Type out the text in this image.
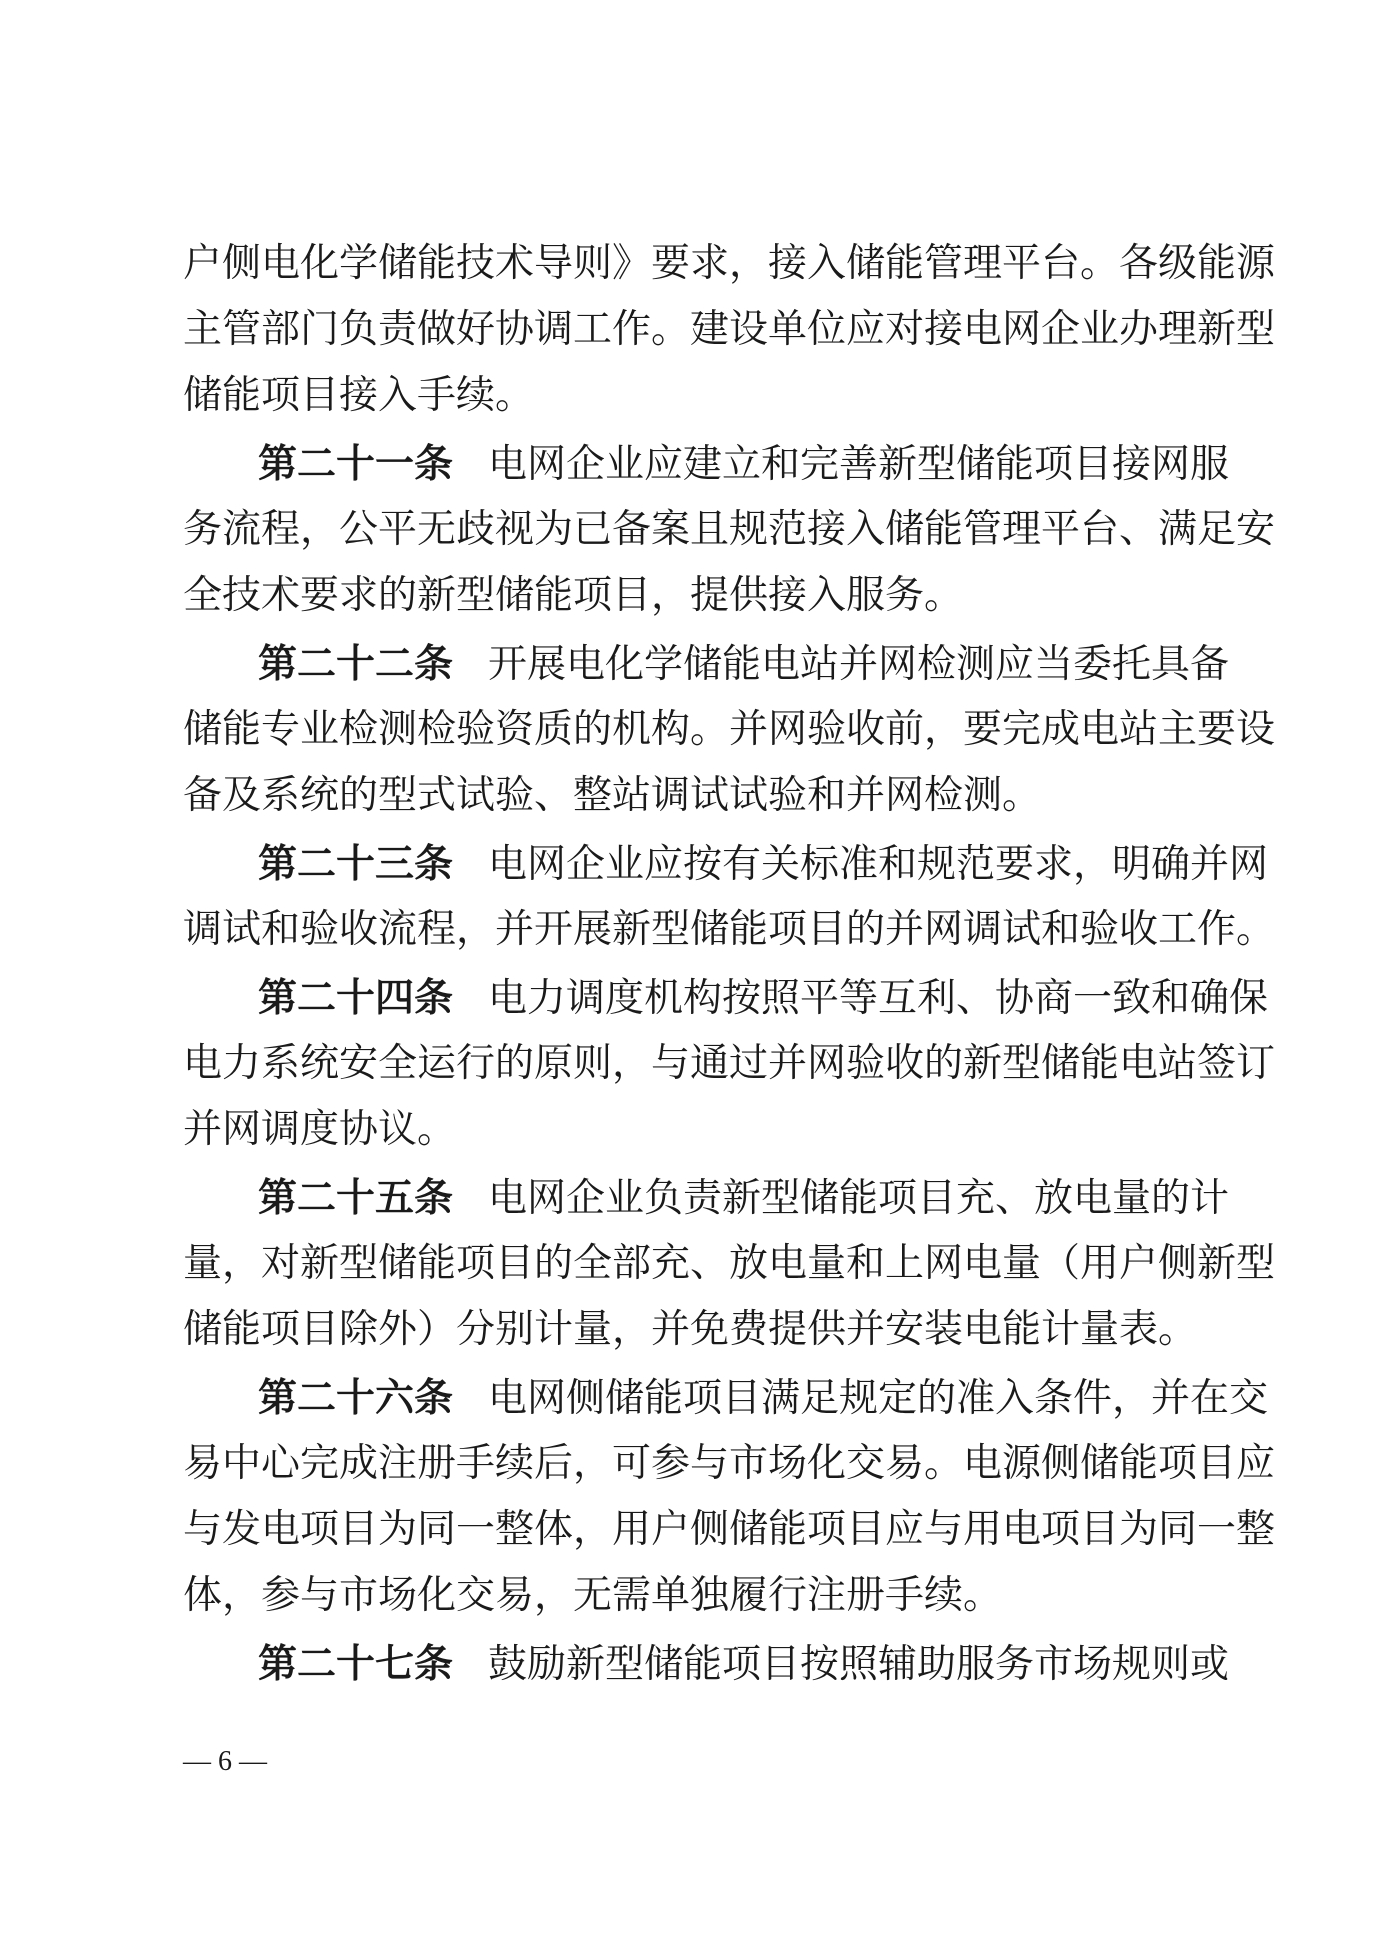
户侧电化学储能技术导则》要求，接入储能管理平台。各级能源
主管部门负责做好协调工作。建设单位应对接电网企业办理新型
储能项目接入手续。
第二十一条 电网企业应建立和完善新型储能项目接网服
务流程，公平无歧视为已备案且规范接入储能管理平台、满足安
全技术要求的新型储能项目，提供接入服务。
第二十二条 开展电化学储能电站并网检测应当委托具备
储能专业检测检验资质的机构。并网验收前，要完成电站主要设
备及系统的型式试验、整站调试试验和并网检测。
第二十三条 电网企业应按有关标准和规范要求，明确并网
调试和验收流程，并开展新型储能项目的并网调试和验收工作。
第二十四条 电力调度机构按照平等互利、协商一致和确保
电力系统安全运行的原则，与通过并网验收的新型储能电站签订
并网调度协议。
第二十五条 电网企业负责新型储能项目充、放电量的计
量，对新型储能项目的全部充、放电量和上网电量（用户侧新型
储能项目除外）分别计量，并免费提供并安装电能计量表。
第二十六条 电网侧储能项目满足规定的准入条件，并在交
易中心完成注册手续后，可参与市场化交易。电源侧储能项目应
与发电项目为同一整体，用户侧储能项目应与用电项目为同一整
体，参与市场化交易，无需单独履行注册手续。
第二十七条 鼓励新型储能项目按照辅助服务市场规则或
— 6 —
